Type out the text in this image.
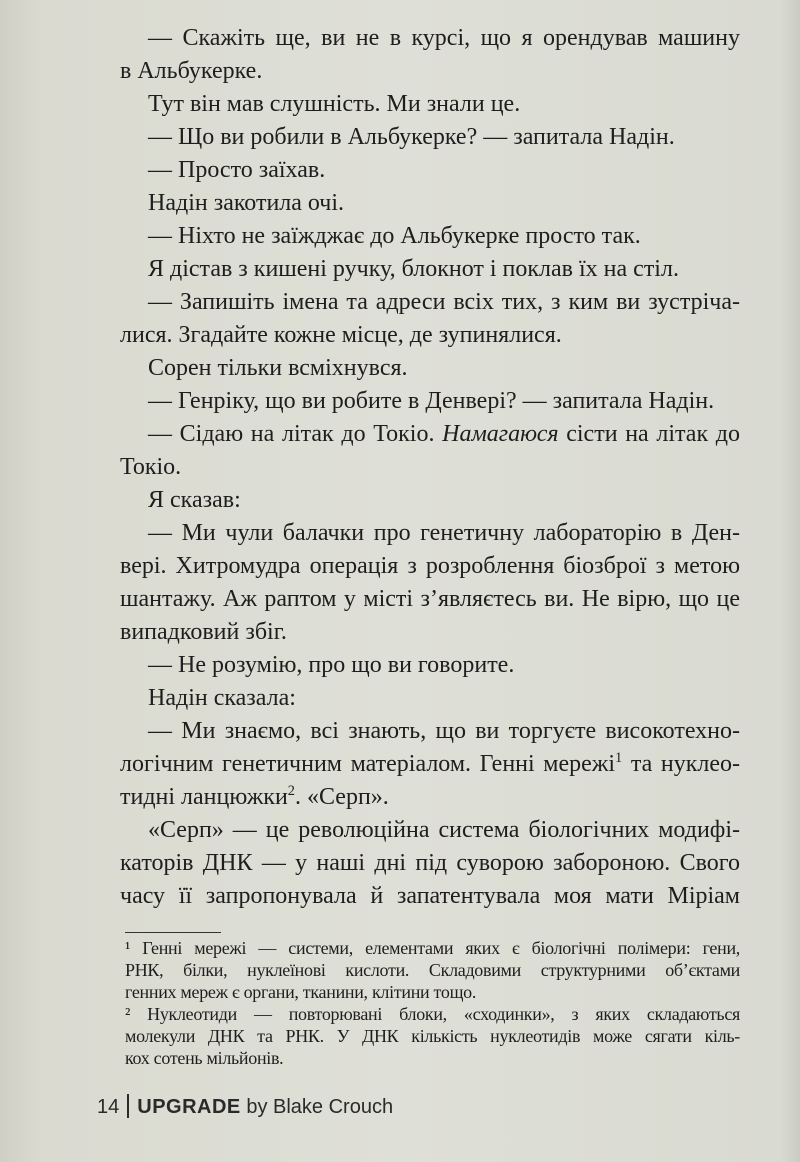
— Скажіть ще, ви не в курсі, що я орендував машину
в Альбукерке.
Тут він мав слушність. Ми знали це.
— Що ви робили в Альбукерке? — запитала Надін.
— Просто заїхав.
Надін закотила очі.
— Ніхто не заїжджає до Альбукерке просто так.
Я дістав з кишені ручку, блокнот і поклав їх на стіл.
— Запишіть імена та адреси всіх тих, з ким ви зустріча-
лися. Згадайте кожне місце, де зупинялися.
Сорен тільки всміхнувся.
— Генріку, що ви робите в Денвері? — запитала Надін.
— Сідаю на літак до Токіо. Намагаюся сісти на літак до
Токіо.
Я сказав:
— Ми чули балачки про генетичну лабораторію в Ден-
вері. Хитромудра операція з розроблення біозброї з метою
шантажу. Аж раптом у місті з’являєтесь ви. Не вірю, що це
випадковий збіг.
— Не розумію, про що ви говорите.
Надін сказала:
— Ми знаємо, всі знають, що ви торгуєте високотехно-
логічним генетичним матеріалом. Генні мережі$^1$ та нуклео-
тидні ланцюжки$^2$. «Серп».
«Серп» — це революційна система біологічних модифі-
каторів ДНК — у наші дні під суворою забороною. Свого
часу її запропонувала й запатентувала моя мати Міріам
¹ Генні мережі — системи, елементами яких є біологічні полімери: гени,
РНК, білки, нуклеїнові кислоти. Складовими структурними об’єктами
генних мереж є органи, тканини, клітини тощо.
² Нуклеотиди — повторювані блоки, «сходинки», з яких складаються
молекули ДНК та РНК. У ДНК кількість нуклеотидів може сягати кіль-
кох сотень мільйонів.
14 UPGRADE by Blake Crouch
